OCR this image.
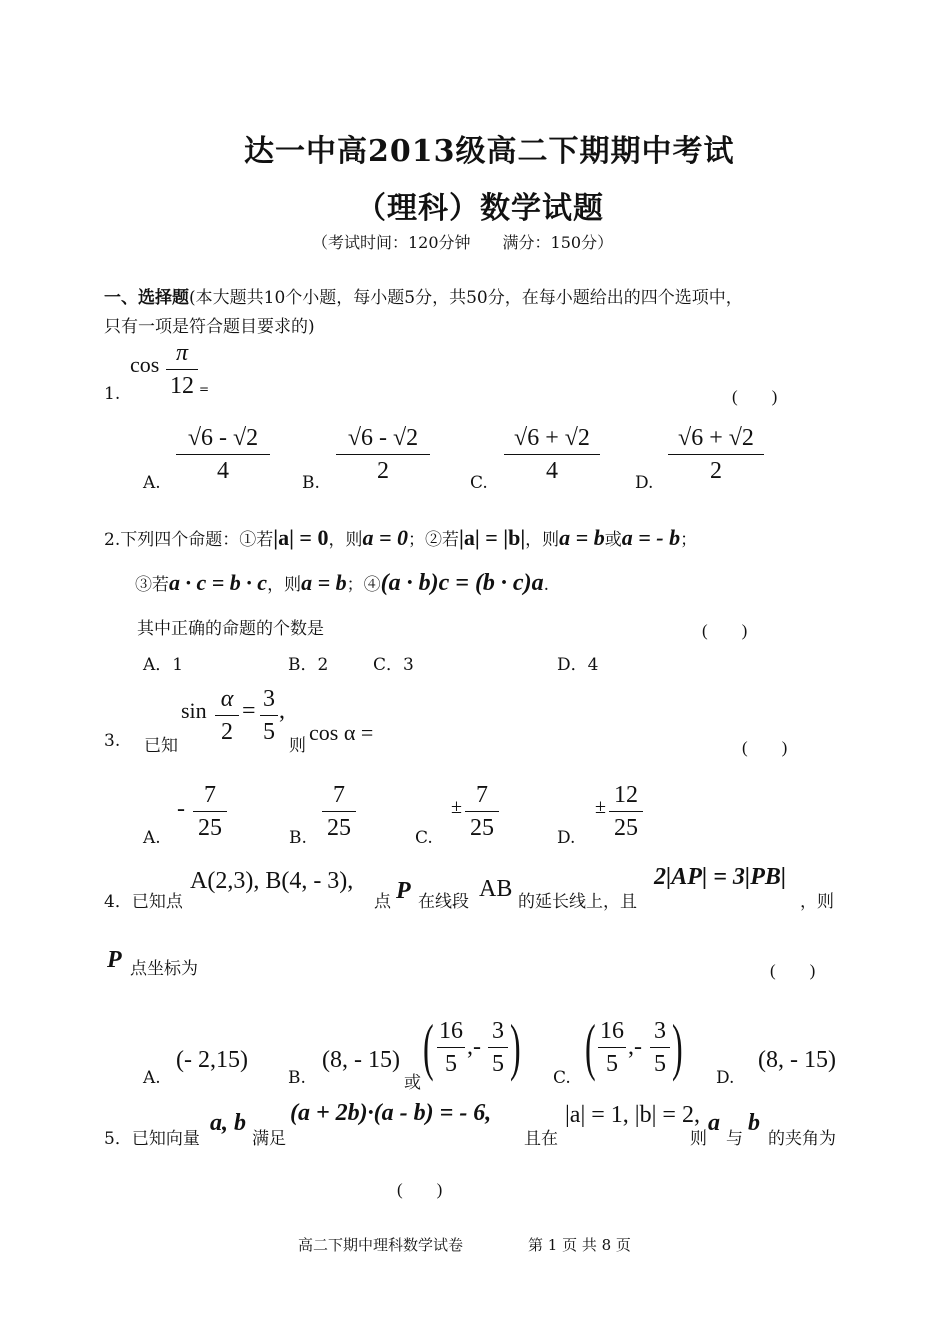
达一中高2013级高二下期期中考试
（理科）数学试题
（考试时间：120分钟　　满分：150分）
一、选择题(本大题共10个小题，每小题5分，共50分，在每小题给出的四个选项中，
只有一项是符合题目要求的)
1.
cos π
12 =	(　　)
A.
√6 - √2
4	B.
√6 - √2
2	C.
√6 + √2
4	D.
√6 + √2
2
2.下列四个命题：①若|a| = 0，则a = 0；②若|a| = |b|，则a = b或a = - b；
③若a · c = b · c，则a = b；④(a · b)c = (b · c)a.
其中正确的命题的个数是	(　　)
A．1	B．2	C．3	D．4
3. 已知
sin α
2
= 3
5
,
则
cos α =
(　　)
A.
-
7
25	B.
7
25	C.
± 7
25	D.
± 12
25
4．已知点
A(2,3), B(4, - 3),
点 P 在线段 AB 的延长线上，且
2|AP| = 3|PB|
，则
P 点坐标为	(　　)
A.
(- 2,15)
B.
(8, - 15)
或
( 16
5
,-
3
5 ) C. ( 16
5
,-
3
5 ) D.
(8, - 15)
5．已知向量
a, b
满足
(a + 2b)·(a - b) = - 6,
且在
|a| = 1, |b| = 2,
则
a
与
b
的夹角为
(　　)
高二下期中理科数学试卷	第 1 页 共 8 页
